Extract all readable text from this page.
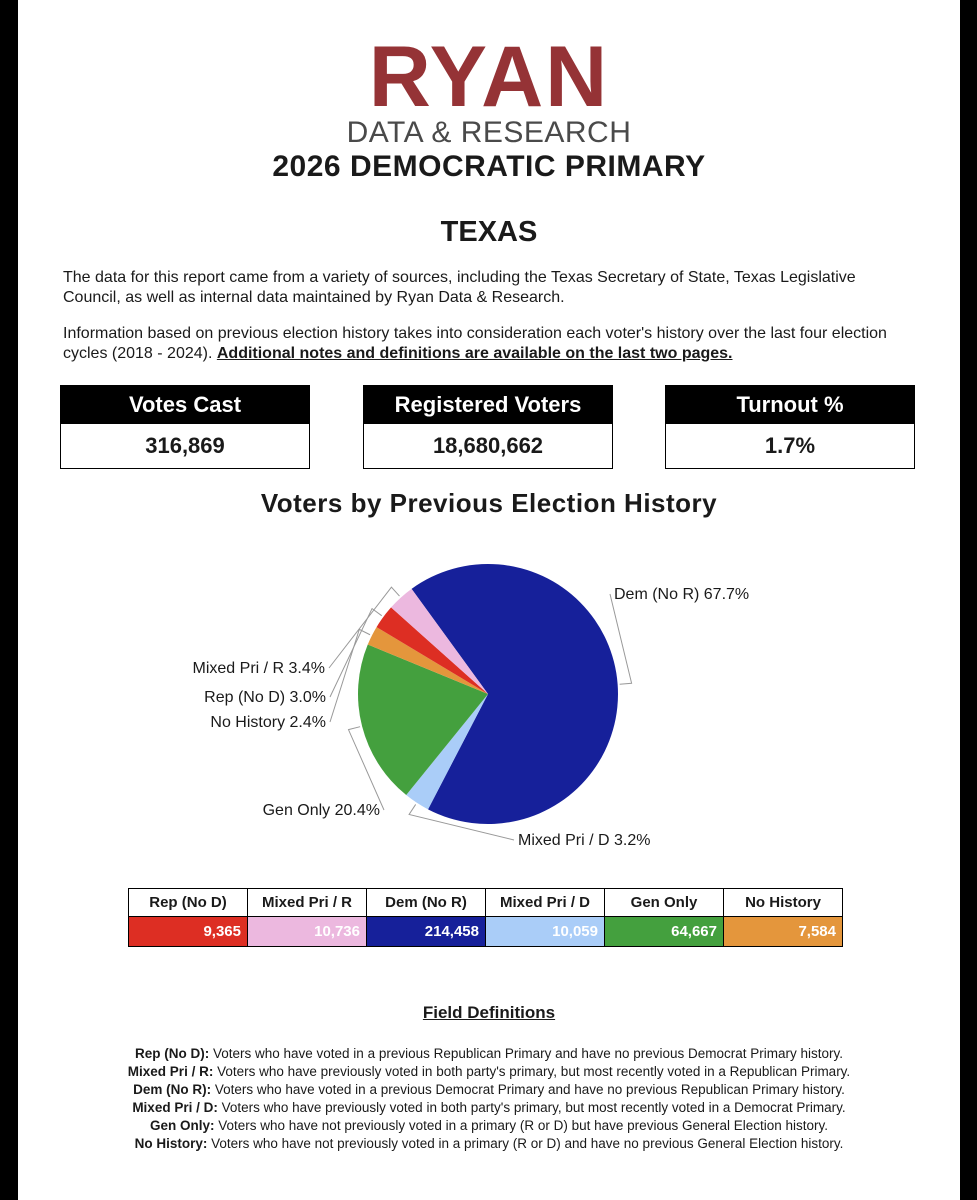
RYAN
DATA & RESEARCH
2026 DEMOCRATIC PRIMARY
TEXAS
The data for this report came from a variety of sources, including the Texas Secretary of State, Texas Legislative Council, as well as internal data maintained by Ryan Data & Research.
Information based on previous election history takes into consideration each voter's history over the last four election cycles (2018 - 2024). Additional notes and definitions are available on the last two pages.
Votes Cast
316,869
Registered Voters
18,680,662
Turnout %
1.7%
Voters by Previous Election History
Dem (No R) 67.7%
Mixed Pri / D 3.2%
Gen Only 20.4%
No History 2.4%
Rep (No D) 3.0%
Mixed Pri / R 3.4%
Rep (No D)	Mixed Pri / R	Dem (No R)	Mixed Pri / D	Gen Only	No History
9,365	10,736	214,458	10,059	64,667	7,584
Field Definitions
Rep (No D): Voters who have voted in a previous Republican Primary and have no previous Democrat Primary history.
Mixed Pri / R: Voters who have previously voted in both party's primary, but most recently voted in a Republican Primary.
Dem (No R): Voters who have voted in a previous Democrat Primary and have no previous Republican Primary history.
Mixed Pri / D: Voters who have previously voted in both party's primary, but most recently voted in a Democrat Primary.
Gen Only: Voters who have not previously voted in a primary (R or D) but have previous General Election history.
No History: Voters who have not previously voted in a primary (R or D) and have no previous General Election history.
